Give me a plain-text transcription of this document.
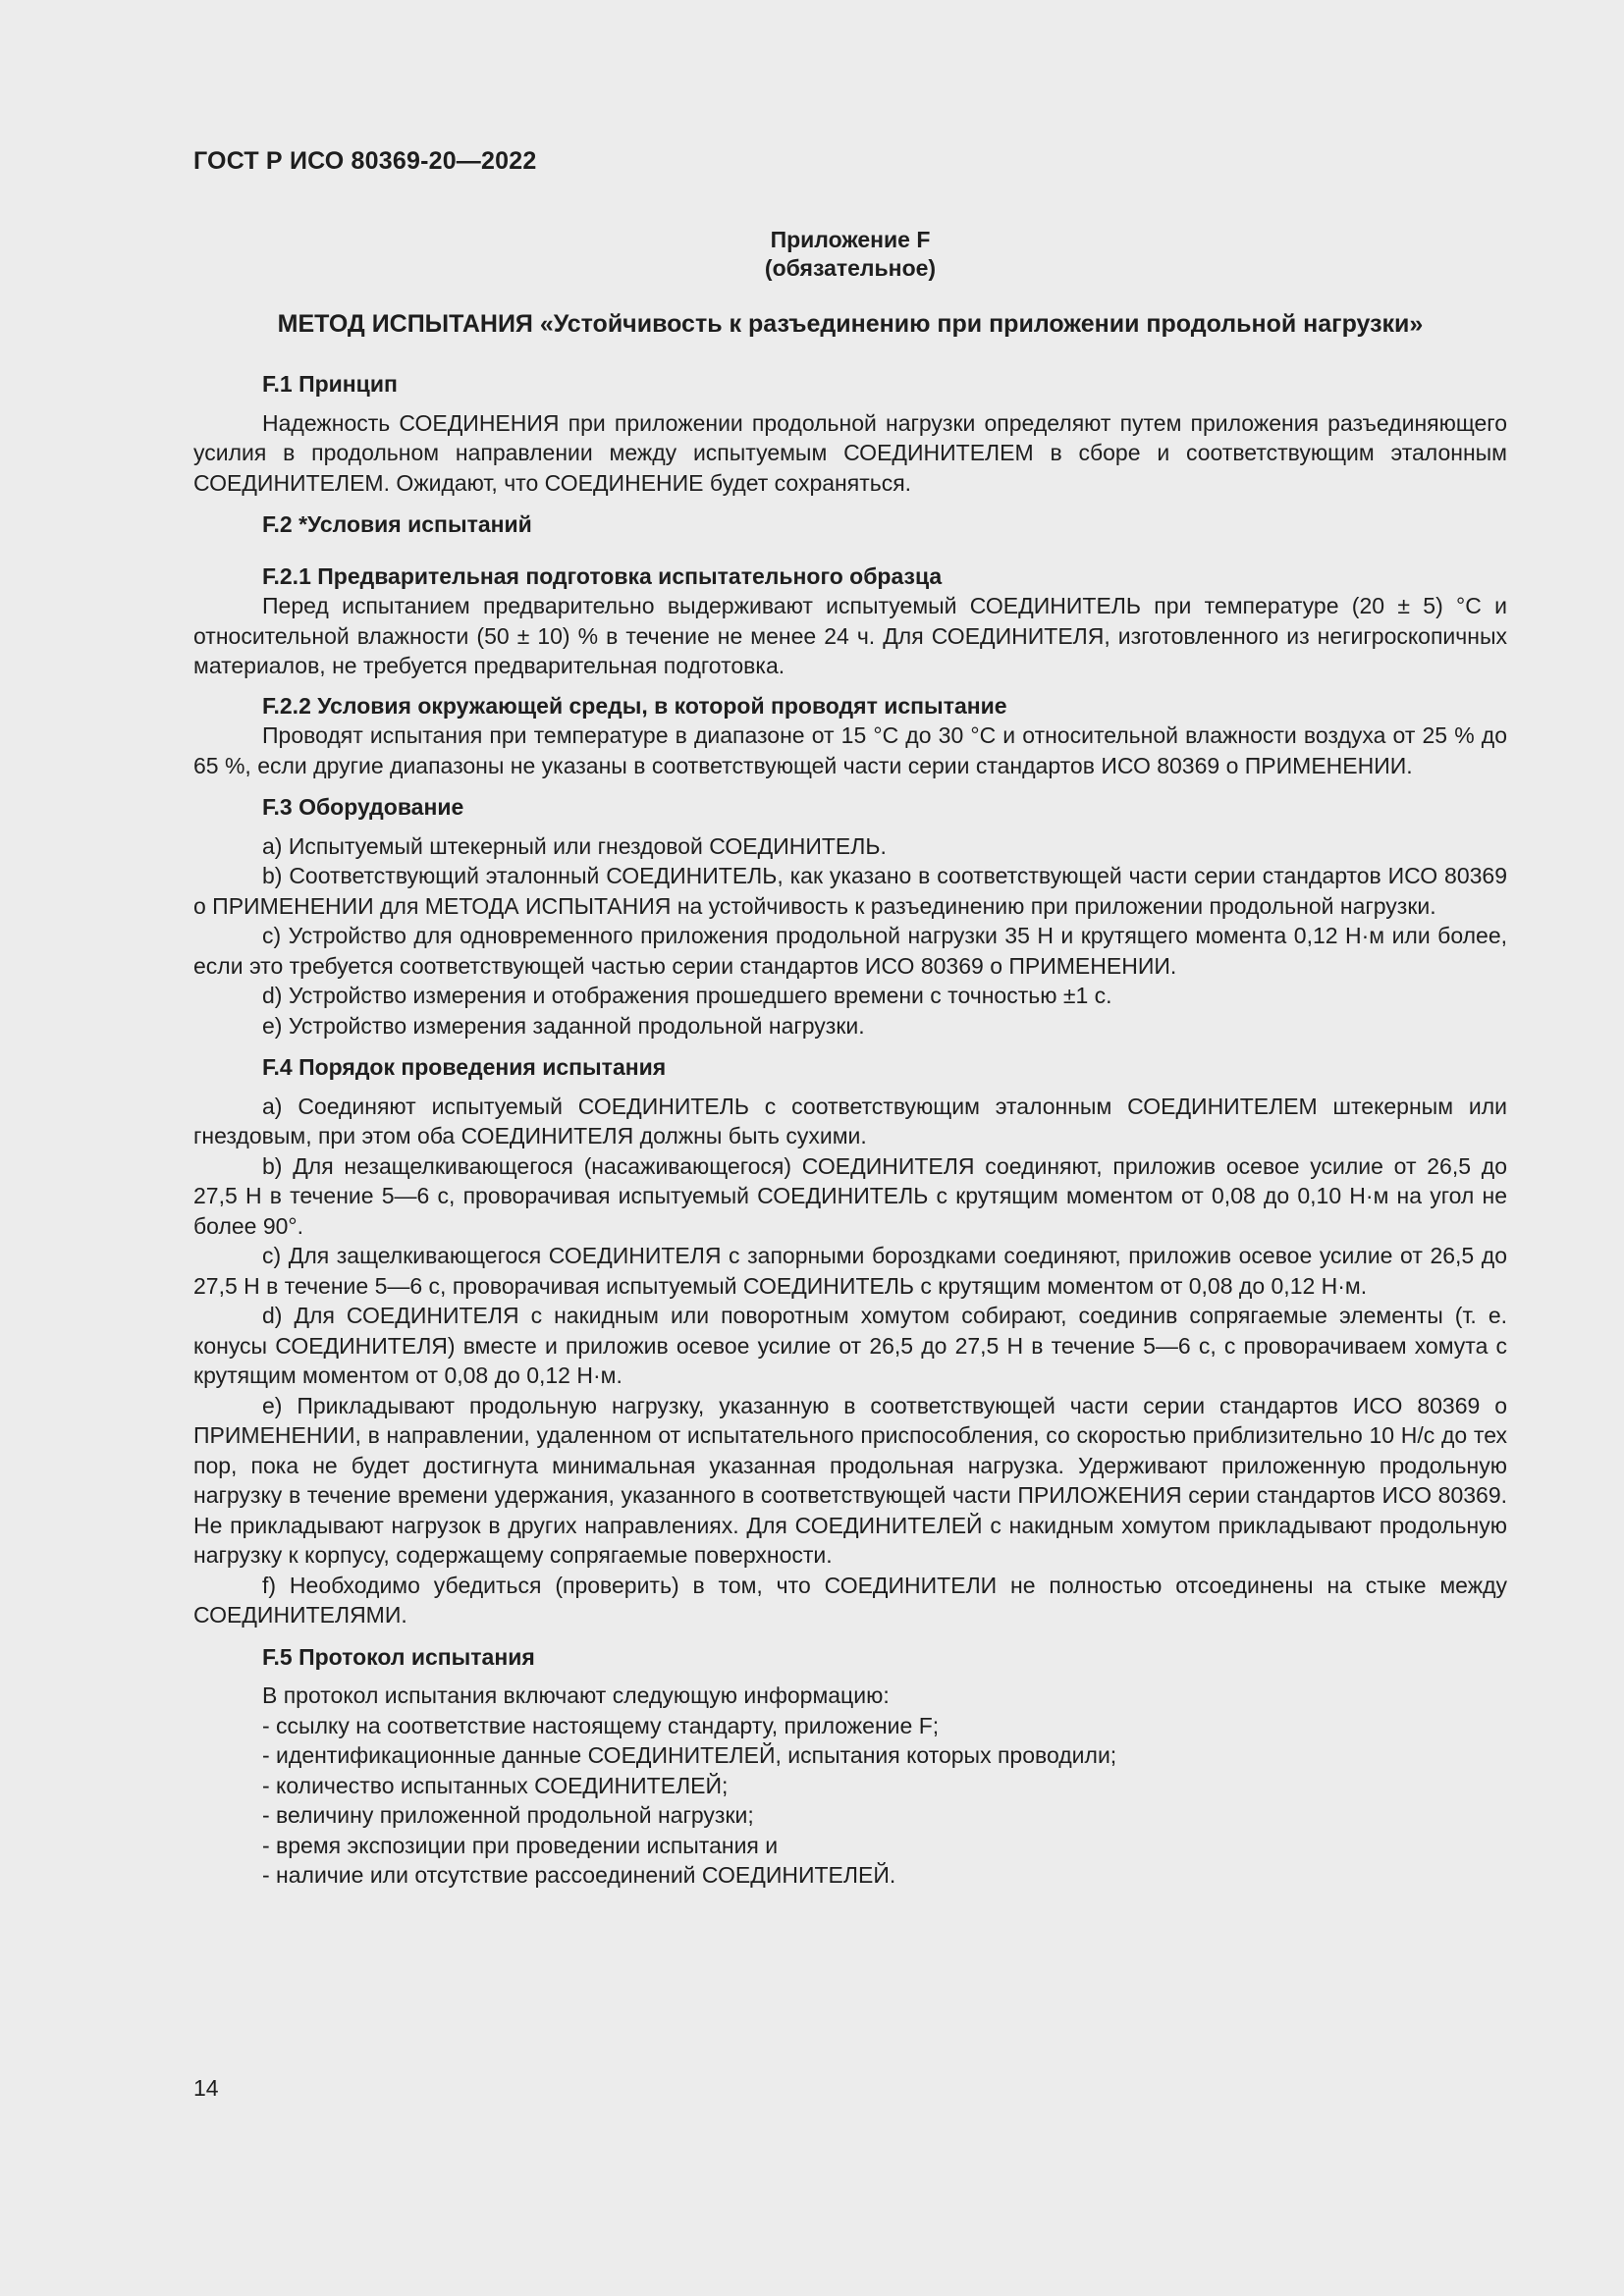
ГОСТ Р ИСО 80369-20—2022
Приложение F
(обязательное)
МЕТОД ИСПЫТАНИЯ «Устойчивость к разъединению при приложении продольной нагрузки»
F.1 Принцип

Надежность СОЕДИНЕНИЯ при приложении продольной нагрузки определяют путем приложения разъединяющего усилия в продольном направлении между испытуемым СОЕДИНИТЕЛЕМ в сборе и соответствующим эталонным СОЕДИНИТЕЛЕМ. Ожидают, что СОЕДИНЕНИЕ будет сохраняться.

F.2 *Условия испытаний
F.2.1 Предварительная подготовка испытательного образца

Перед испытанием предварительно выдерживают испытуемый СОЕДИНИТЕЛЬ при температуре (20 ± 5) °С и относительной влажности (50 ± 10) % в течение не менее 24 ч. Для СОЕДИНИТЕЛЯ, изготовленного из негигроскопичных материалов, не требуется предварительная подготовка.

F.2.2 Условия окружающей среды, в которой проводят испытание

Проводят испытания при температуре в диапазоне от 15 °С до 30 °С и относительной влажности воздуха от 25 % до 65 %, если другие диапазоны не указаны в соответствующей части серии стандартов ИСО 80369 о ПРИМЕНЕНИИ.

F.3 Оборудование

a) Испытуемый штекерный или гнездовой СОЕДИНИТЕЛЬ.

b) Соответствующий эталонный СОЕДИНИТЕЛЬ, как указано в соответствующей части серии стандартов ИСО 80369 о ПРИМЕНЕНИИ для МЕТОДА ИСПЫТАНИЯ на устойчивость к разъединению при приложении продольной нагрузки.

c) Устройство для одновременного приложения продольной нагрузки 35 Н и крутящего момента 0,12 Н·м или более, если это требуется соответствующей частью серии стандартов ИСО 80369 о ПРИМЕНЕНИИ.

d) Устройство измерения и отображения прошедшего времени с точностью ±1 с.

e) Устройство измерения заданной продольной нагрузки.

F.4 Порядок проведения испытания

a) Соединяют испытуемый СОЕДИНИТЕЛЬ с соответствующим эталонным СОЕДИНИТЕЛЕМ штекерным или гнездовым, при этом оба СОЕДИНИТЕЛЯ должны быть сухими.

b) Для незащелкивающегося (насаживающегося) СОЕДИНИТЕЛЯ соединяют, приложив осевое усилие от 26,5 до 27,5 Н в течение 5—6 с, проворачивая испытуемый СОЕДИНИТЕЛЬ с крутящим моментом от 0,08 до 0,10 Н·м на угол не более 90°.

c) Для защелкивающегося СОЕДИНИТЕЛЯ с запорными бороздками соединяют, приложив осевое усилие от 26,5 до 27,5 Н в течение 5—6 с, проворачивая испытуемый СОЕДИНИТЕЛЬ с крутящим моментом от 0,08 до 0,12 Н·м.

d) Для СОЕДИНИТЕЛЯ с накидным или поворотным хомутом собирают, соединив сопрягаемые элементы (т. е. конусы СОЕДИНИТЕЛЯ) вместе и приложив осевое усилие от 26,5 до 27,5 Н в течение 5—6 с, с проворачиваем хомута с крутящим моментом от 0,08 до 0,12 Н·м.

e) Прикладывают продольную нагрузку, указанную в соответствующей части серии стандартов ИСО 80369 о ПРИМЕНЕНИИ, в направлении, удаленном от испытательного приспособления, со скоростью приблизительно 10 Н/с до тех пор, пока не будет достигнута минимальная указанная продольная нагрузка. Удерживают приложенную продольную нагрузку в течение времени удержания, указанного в соответствующей части ПРИЛОЖЕНИЯ серии стандартов ИСО 80369. Не прикладывают нагрузок в других направлениях. Для СОЕДИНИТЕЛЕЙ с накидным хомутом прикладывают продольную нагрузку к корпусу, содержащему сопрягаемые поверхности.

f) Необходимо убедиться (проверить) в том, что СОЕДИНИТЕЛИ не полностью отсоединены на стыке между СОЕДИНИТЕЛЯМИ.

F.5 Протокол испытания

В протокол испытания включают следующую информацию:

- ссылку на соответствие настоящему стандарту, приложение F;

- идентификационные данные СОЕДИНИТЕЛЕЙ, испытания которых проводили;

- количество испытанных СОЕДИНИТЕЛЕЙ;

- величину приложенной продольной нагрузки;

- время экспозиции при проведении испытания и

- наличие или отсутствие рассоединений СОЕДИНИТЕЛЕЙ.

14
